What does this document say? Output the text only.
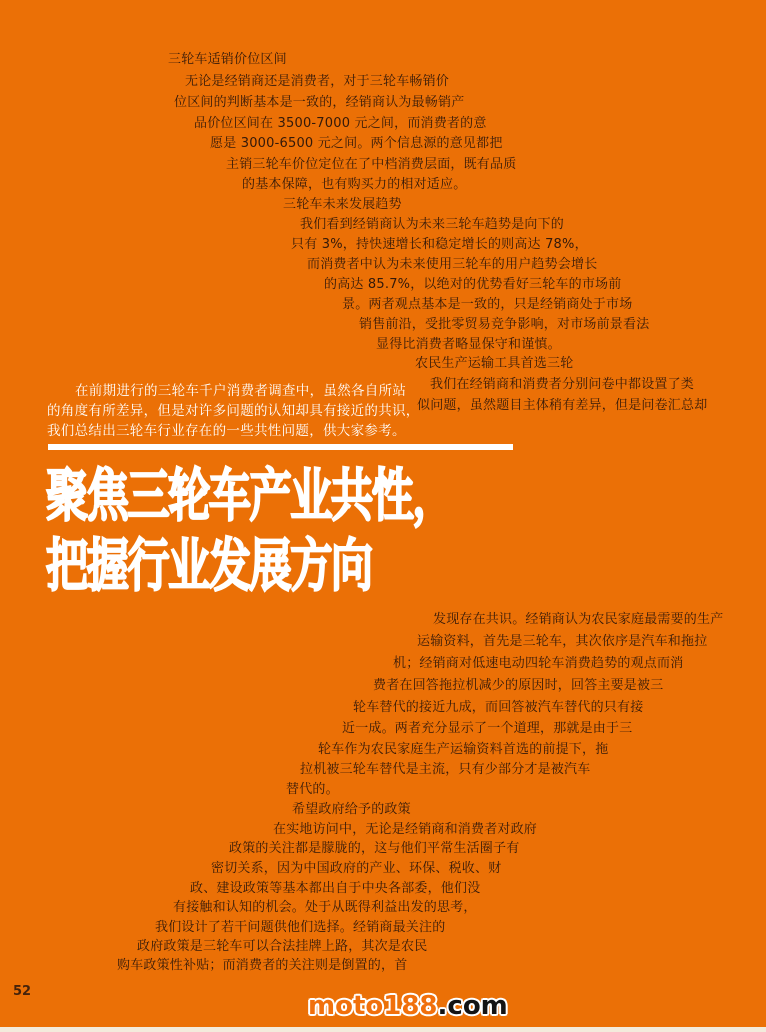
三轮车适销价位区间
无论是经销商还是消费者，对于三轮车畅销价
位区间的判断基本是一致的，经销商认为最畅销产
品价位区间在 3500-7000 元之间，而消费者的意
愿是 3000-6500 元之间。两个信息源的意见都把
主销三轮车价位定位在了中档消费层面，既有品质
的基本保障，也有购买力的相对适应。
三轮车未来发展趋势
我们看到经销商认为未来三轮车趋势是向下的
只有 3%，持快速增长和稳定增长的则高达 78%，
而消费者中认为未来使用三轮车的用户趋势会增长
的高达 85.7%，以绝对的优势看好三轮车的市场前
景。两者观点基本是一致的，只是经销商处于市场
销售前沿，受批零贸易竞争影响，对市场前景看法
显得比消费者略显保守和谨慎。
农民生产运输工具首选三轮
我们在经销商和消费者分别问卷中都设置了类
似问题，虽然题目主体稍有差异，但是问卷汇总却
在前期进行的三轮车千户消费者调查中，虽然各自所站
的角度有所差异，但是对许多问题的认知却具有接近的共识，
我们总结出三轮车行业存在的一些共性问题，供大家参考。
聚焦三轮车产业共性，
把握行业发展方向
发现存在共识。经销商认为农民家庭最需要的生产
运输资料，首先是三轮车，其次依序是汽车和拖拉
机；经销商对低速电动四轮车消费趋势的观点而消
费者在回答拖拉机减少的原因时，回答主要是被三
轮车替代的接近九成，而回答被汽车替代的只有接
近一成。两者充分显示了一个道理，那就是由于三
轮车作为农民家庭生产运输资料首选的前提下，拖
拉机被三轮车替代是主流，只有少部分才是被汽车
替代的。
希望政府给予的政策
在实地访问中，无论是经销商和消费者对政府
政策的关注都是朦胧的，这与他们平常生活圈子有
密切关系，因为中国政府的产业、环保、税收、财
政、建设政策等基本都出自于中央各部委，他们没
有接触和认知的机会。处于从既得利益出发的思考，
我们设计了若干问题供他们选择。经销商最关注的
政府政策是三轮车可以合法挂牌上路，其次是农民
购车政策性补贴；而消费者的关注则是倒置的，首
52	moto188.com
